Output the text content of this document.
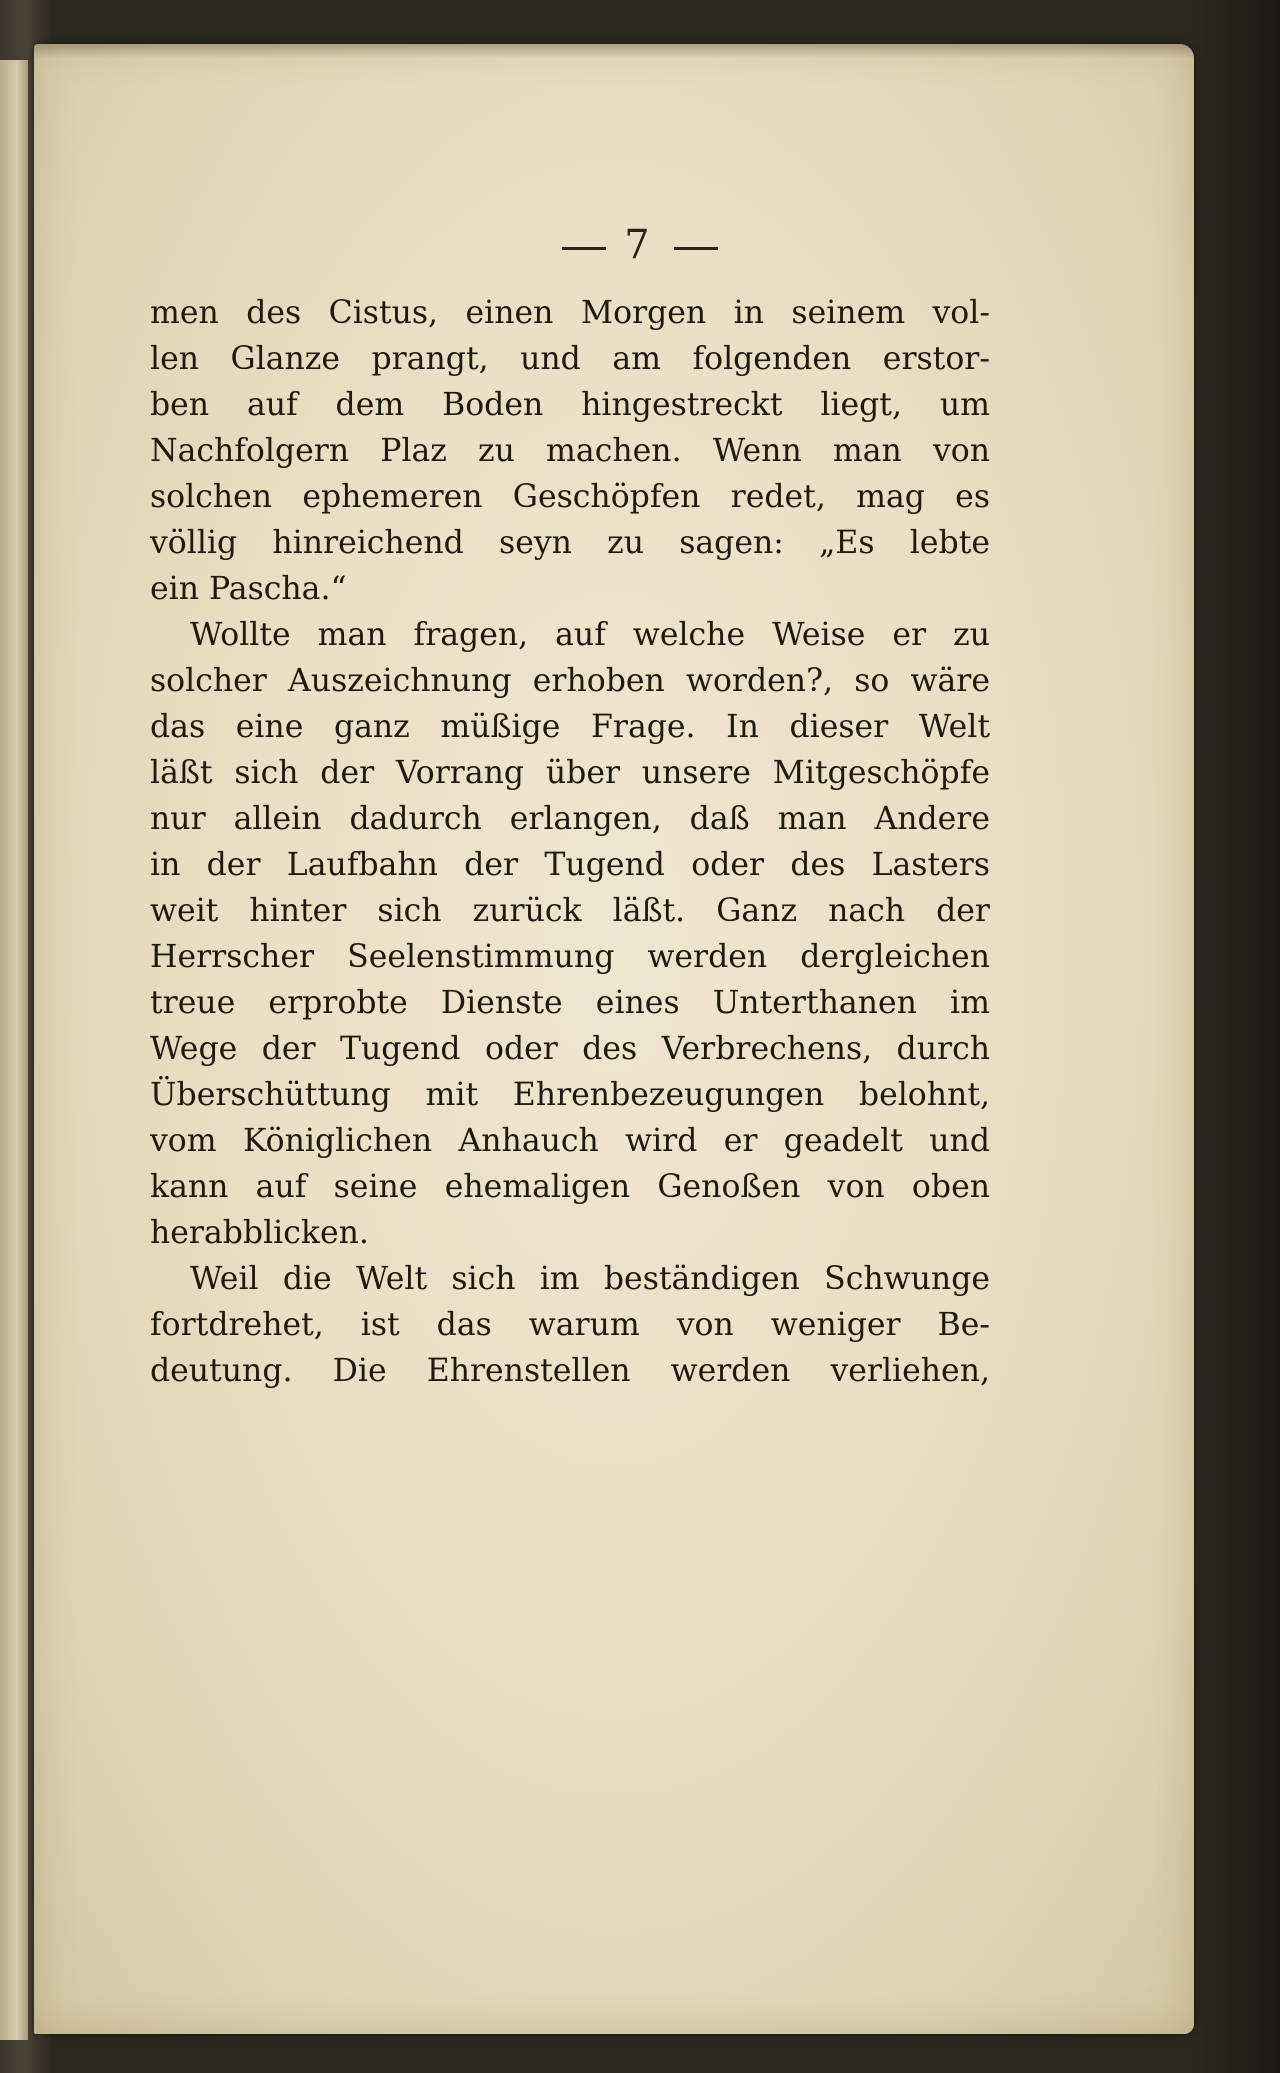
7
men des Cistus, einen Morgen in seinem vol-
len Glanze prangt, und am folgenden erstor-
ben auf dem Boden hingestreckt liegt, um
Nachfolgern Plaz zu machen. Wenn man von
solchen ephemeren Geschöpfen redet, mag es
völlig hinreichend seyn zu sagen: „Es lebte
ein Pascha.“
Wollte man fragen, auf welche Weise er zu
solcher Auszeichnung erhoben worden?, so wäre
das eine ganz müßige Frage. In dieser Welt
läßt sich der Vorrang über unsere Mitgeschöpfe
nur allein dadurch erlangen, daß man Andere
in der Laufbahn der Tugend oder des Lasters
weit hinter sich zurück läßt. Ganz nach der
Herrscher Seelenstimmung werden dergleichen
treue erprobte Dienste eines Unterthanen im
Wege der Tugend oder des Verbrechens, durch
Überschüttung mit Ehrenbezeugungen belohnt,
vom Königlichen Anhauch wird er geadelt und
kann auf seine ehemaligen Genoßen von oben
herabblicken.
Weil die Welt sich im beständigen Schwunge
fortdrehet, ist das warum von weniger Be-
deutung. Die Ehrenstellen werden verliehen,
